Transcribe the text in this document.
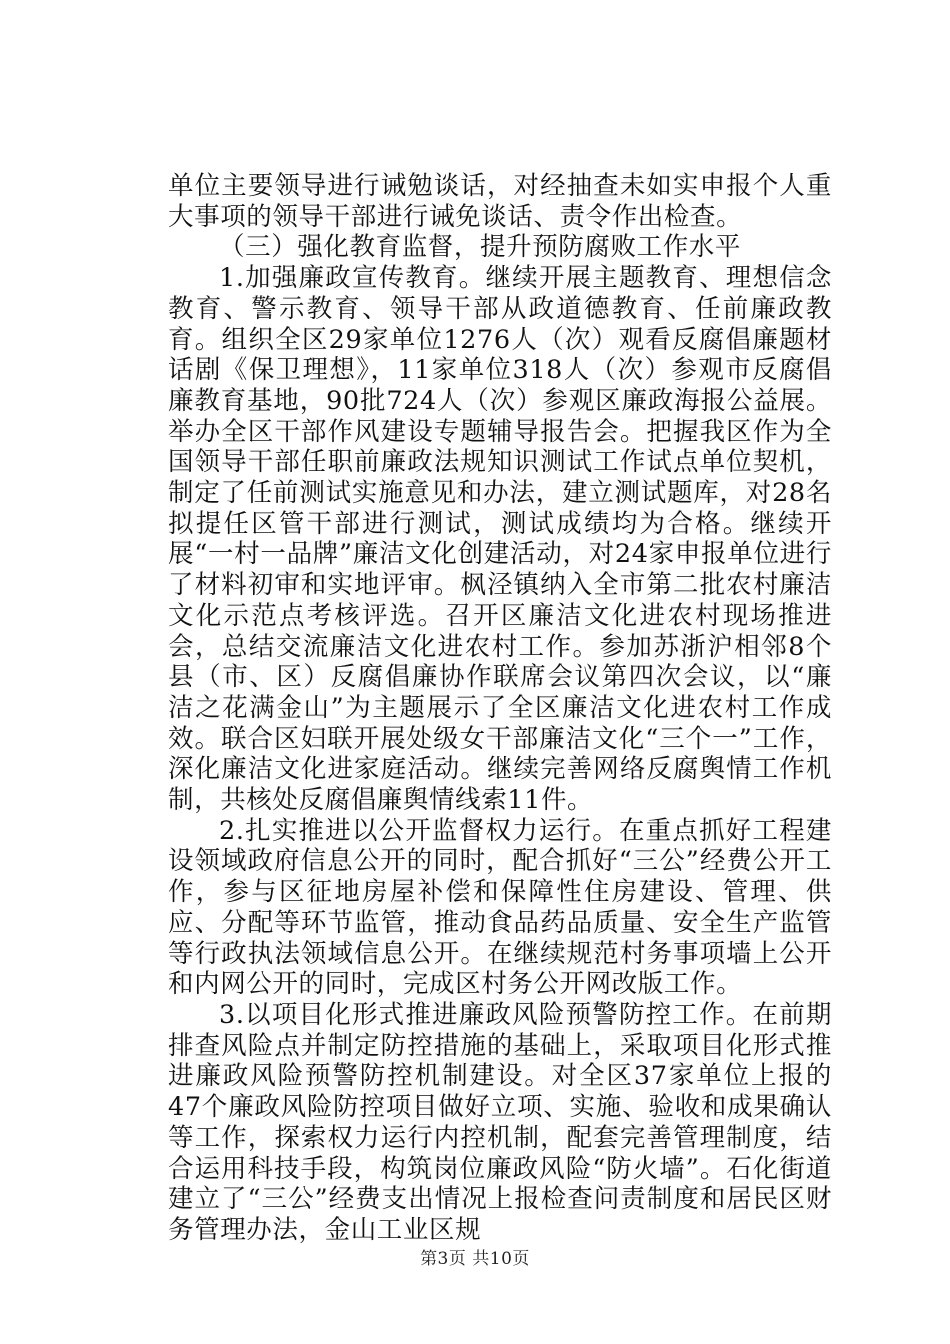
单位主要领导进行诫勉谈话，对经抽查未如实申报个人重大事项的领导干部进行诫免谈话、责令作出检查。

（三）强化教育监督，提升预防腐败工作水平

1.加强廉政宣传教育。继续开展主题教育、理想信念教育、警示教育、领导干部从政道德教育、任前廉政教育。组织全区29家单位1276人（次）观看反腐倡廉题材话剧《保卫理想》，11家单位318人（次）参观市反腐倡廉教育基地，90批724人（次）参观区廉政海报公益展。举办全区干部作风建设专题辅导报告会。把握我区作为全国领导干部任职前廉政法规知识测试工作试点单位契机，制定了任前测试实施意见和办法，建立测试题库，对28名拟提任区管干部进行测试，测试成绩均为合格。继续开展“一村一品牌”廉洁文化创建活动，对24家申报单位进行了材料初审和实地评审。枫泾镇纳入全市第二批农村廉洁文化示范点考核评选。召开区廉洁文化进农村现场推进会，总结交流廉洁文化进农村工作。参加苏浙沪相邻8个县（市、区）反腐倡廉协作联席会议第四次会议，以“廉洁之花满金山”为主题展示了全区廉洁文化进农村工作成效。联合区妇联开展处级女干部廉洁文化“三个一”工作，深化廉洁文化进家庭活动。继续完善网络反腐舆情工作机制，共核处反腐倡廉舆情线索11件。

2.扎实推进以公开监督权力运行。在重点抓好工程建设领域政府信息公开的同时，配合抓好“三公”经费公开工作，参与区征地房屋补偿和保障性住房建设、管理、供应、分配等环节监管，推动食品药品质量、安全生产监管等行政执法领域信息公开。在继续规范村务事项墙上公开和内网公开的同时，完成区村务公开网改版工作。

3.以项目化形式推进廉政风险预警防控工作。在前期排查风险点并制定防控措施的基础上，采取项目化形式推进廉政风险预警防控机制建设。对全区37家单位上报的47个廉政风险防控项目做好立项、实施、验收和成果确认等工作，探索权力运行内控机制，配套完善管理制度，结合运用科技手段，构筑岗位廉政风险“防火墙”。石化街道建立了“三公”经费支出情况上报检查问责制度和居民区财务管理办法，金山工业区规

第3页 共10页
